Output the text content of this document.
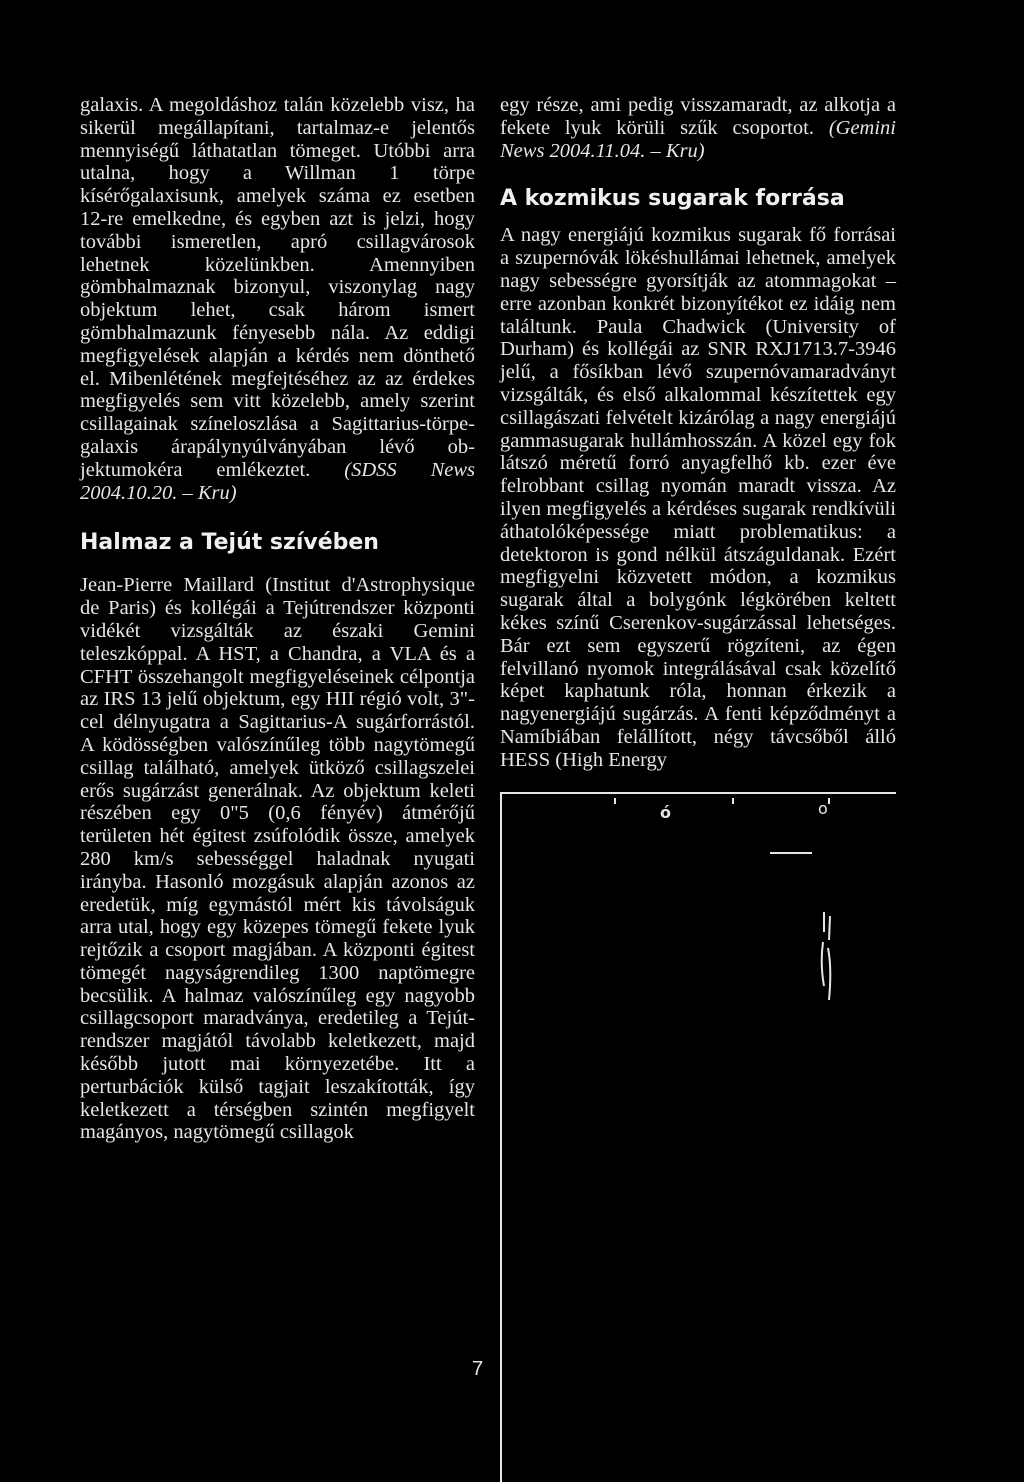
galaxis. A megoldáshoz talán közelebb visz, ha sikerül megállapítani, tartalmaz-e jelentős mennyiségű láthatatlan tömeget. Utóbbi arra utalna, hogy a Willman 1 törpe kísérőgalaxisunk, amelyek száma ez esetben 12-re emelkedne, és egyben azt is jelzi, hogy további ismeretlen, apró csillagvárosok lehetnek közelünkben. Amennyiben gömbhalmaznak bizonyul, viszonylag nagy objektum lehet, csak három ismert gömbhalmazunk fényesebb nála. Az eddigi megfigyelések alapján a kérdés nem dönthető el. Mibenlétének megfejtéséhez az az érdekes megfigyelés sem vitt közelebb, amely szerint csillagainak színeloszlása a Sagittarius-törpegalaxis árapálynyúlványában lévő objektumokéra emlékeztet. (SDSS News 2004.10.20. – Kru)

Halmaz a Tejút szívében

Jean-Pierre Maillard (Institut d'Astrophysique de Paris) és kollégái a Tejútrendszer központi vidékét vizsgálták az északi Gemini teleszkóppal. A HST, a Chandra, a VLA és a CFHT összehangolt megfigyeléseinek célpontja az IRS 13 jelű objektum, egy HII régió volt, 3"-cel délnyugatra a Sagittarius-A sugárforrástól. A ködösségben valószínűleg több nagytömegű csillag található, amelyek ütköző csillagszelei erős sugárzást generálnak. Az objektum keleti részében egy 0"5 (0,6 fényév) átmérőjű területen hét égitest zsúfolódik össze, amelyek 280 km/s sebességgel haladnak nyugati irányba. Hasonló mozgásuk alapján azonos az eredetük, míg egymástól mért kis távolságuk arra utal, hogy egy közepes tömegű fekete lyuk rejtőzik a csoport magjában. A központi égitest tömegét nagyságrendileg 1300 naptömegre becsülik. A halmaz valószínűleg egy nagyobb csillagcsoport maradványa, eredetileg a Tejútrendszer magjától távolabb keletkezett, majd később jutott mai környezetébe. Itt a perturbációk külső tagjait leszakították, így keletkezett a térségben szintén megfigyelt magányos, nagytömegű csillagok

egy része, ami pedig visszamaradt, az alkotja a fekete lyuk körüli szűk csoportot. (Gemini News 2004.11.04. – Kru)

A kozmikus sugarak forrása

A nagy energiájú kozmikus sugarak fő forrásai a szupernóvák lökéshullámai lehetnek, amelyek nagy sebességre gyorsítják az atommagokat – erre azonban konkrét bizonyítékot ez idáig nem találtunk. Paula Chadwick (University of Durham) és kollégái az SNR RXJ1713.7-3946 jelű, a fősíkban lévő szupernóvamaradványt vizsgálták, és első alkalommal készítettek egy csillagászati felvételt kizárólag a nagy energiájú gammasugarak hullámhosszán. A közel egy fok látszó méretű forró anyagfelhő kb. ezer éve felrobbant csillag nyomán maradt vissza. Az ilyen megfigyelés a kérdéses sugarak rendkívüli áthatolóképessége miatt problematikus: a detektoron is gond nélkül átszáguldanak. Ezért megfigyelni közvetett módon, a kozmikus sugarak által a bolygónk légkörében keltett kékes színű Cserenkov-sugárzással lehetséges. Bár ezt sem egyszerű rögzíteni, az égen felvillanó nyomok integrálásával csak közelítő képet kaphatunk róla, honnan érkezik a nagyenergiájú sugárzás. A fenti képződményt a Namíbiában felállított, négy távcsőből álló HESS (High Energy

ó	o
7
